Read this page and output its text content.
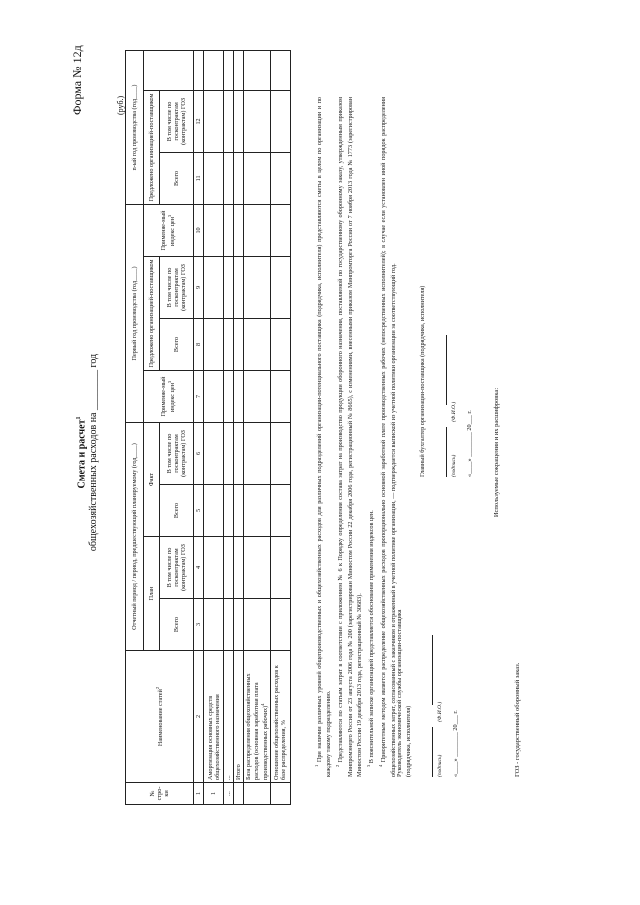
Форма № 12д
Смета и расчет$^1$ общехозяйственных расходов на ________ год
(руб.)
№ стро-ки	Наименование статей$^2$	Отчетный период / период, предшествующий планируемому (год____)				Первый год производства (год____)				n-ый год производства (год____)		
		План		Факт		Применяе-мый индекс цен$^3$	Предложено организацией-поставщиком		Применяе-мый индекс цен$^3$	Предложено организацией-поставщиком		
		Всего	В том числе по госконтрактам (контрактам) ГОЗ	Всего	В том числе по госконтрактам (контрактам) ГОЗ		Всего	В том числе по госконтрактам (контрактам) ГОЗ		Всего	В том числе по госконтрактам (контрактам) ГОЗ	
1	2	3	4	5	6	7	8	9	10	11	12	
1	Амортизация основных средств общехозяйственного назначения											
...	...											
	Итого											
	База распределения общехозяйственных расходов (основная заработная плата производственных рабочих)$^4$											
	Отношение общехозяйственных расходов к базе распределения, %												$^1$ При наличии различных уровней общепроизводственных и общехозяйственных расходов для различных подразделений организации-потенциального поставщика (подрядчика, исполнителя) представляются сметы в целом по организации и по каждому такому подразделению. $^2$ Представляются по статьям затрат в соответствии с приложением № 6 к Порядку определения состава затрат на производство продукции оборонного назначения, поставляемой по государственному оборонному заказу, утвержденным приказом Минпромэнерго России от 23 августа 2006 года № 200 (зарегистрирован Минюстом России 22 декабря 2006 года, регистрационный № 8665), с изменениями, внесенными приказом Минпромторга России от 7 ноября 2013 года № 1773 (зарегистрирован Минюстом России 19 декабря 2013 года, регистрационный № 30683). $^3$ В пояснительной записке организацией представляется обоснование применения индексов цен.

$^4$ Приоритетным методом является распределение общехозяйственных расходов пропорционально основной заработной плате производственных рабочих (непосредственных исполнителей); в случае если установлен иной порядок распределения общехозяйственных затрат, согласованный с заказчиком и отраженный в учетной политике организации, — подтверждается выпиской из учетной политики организации за соответствующий год. Руководитель экономической службы организации-поставщика (подрядчика, исполнителя)
	(подпись)  (Ф.И.О.)	«____» ________ 20___ г.
Главный бухгалтер организации-поставщика (подрядчика, исполнителя)
	(подпись)  (Ф.И.О.)	«____» ________ 20___ г.	Используемые сокращения и их расшифровка:
ГОЗ - государственный оборонный заказ.
